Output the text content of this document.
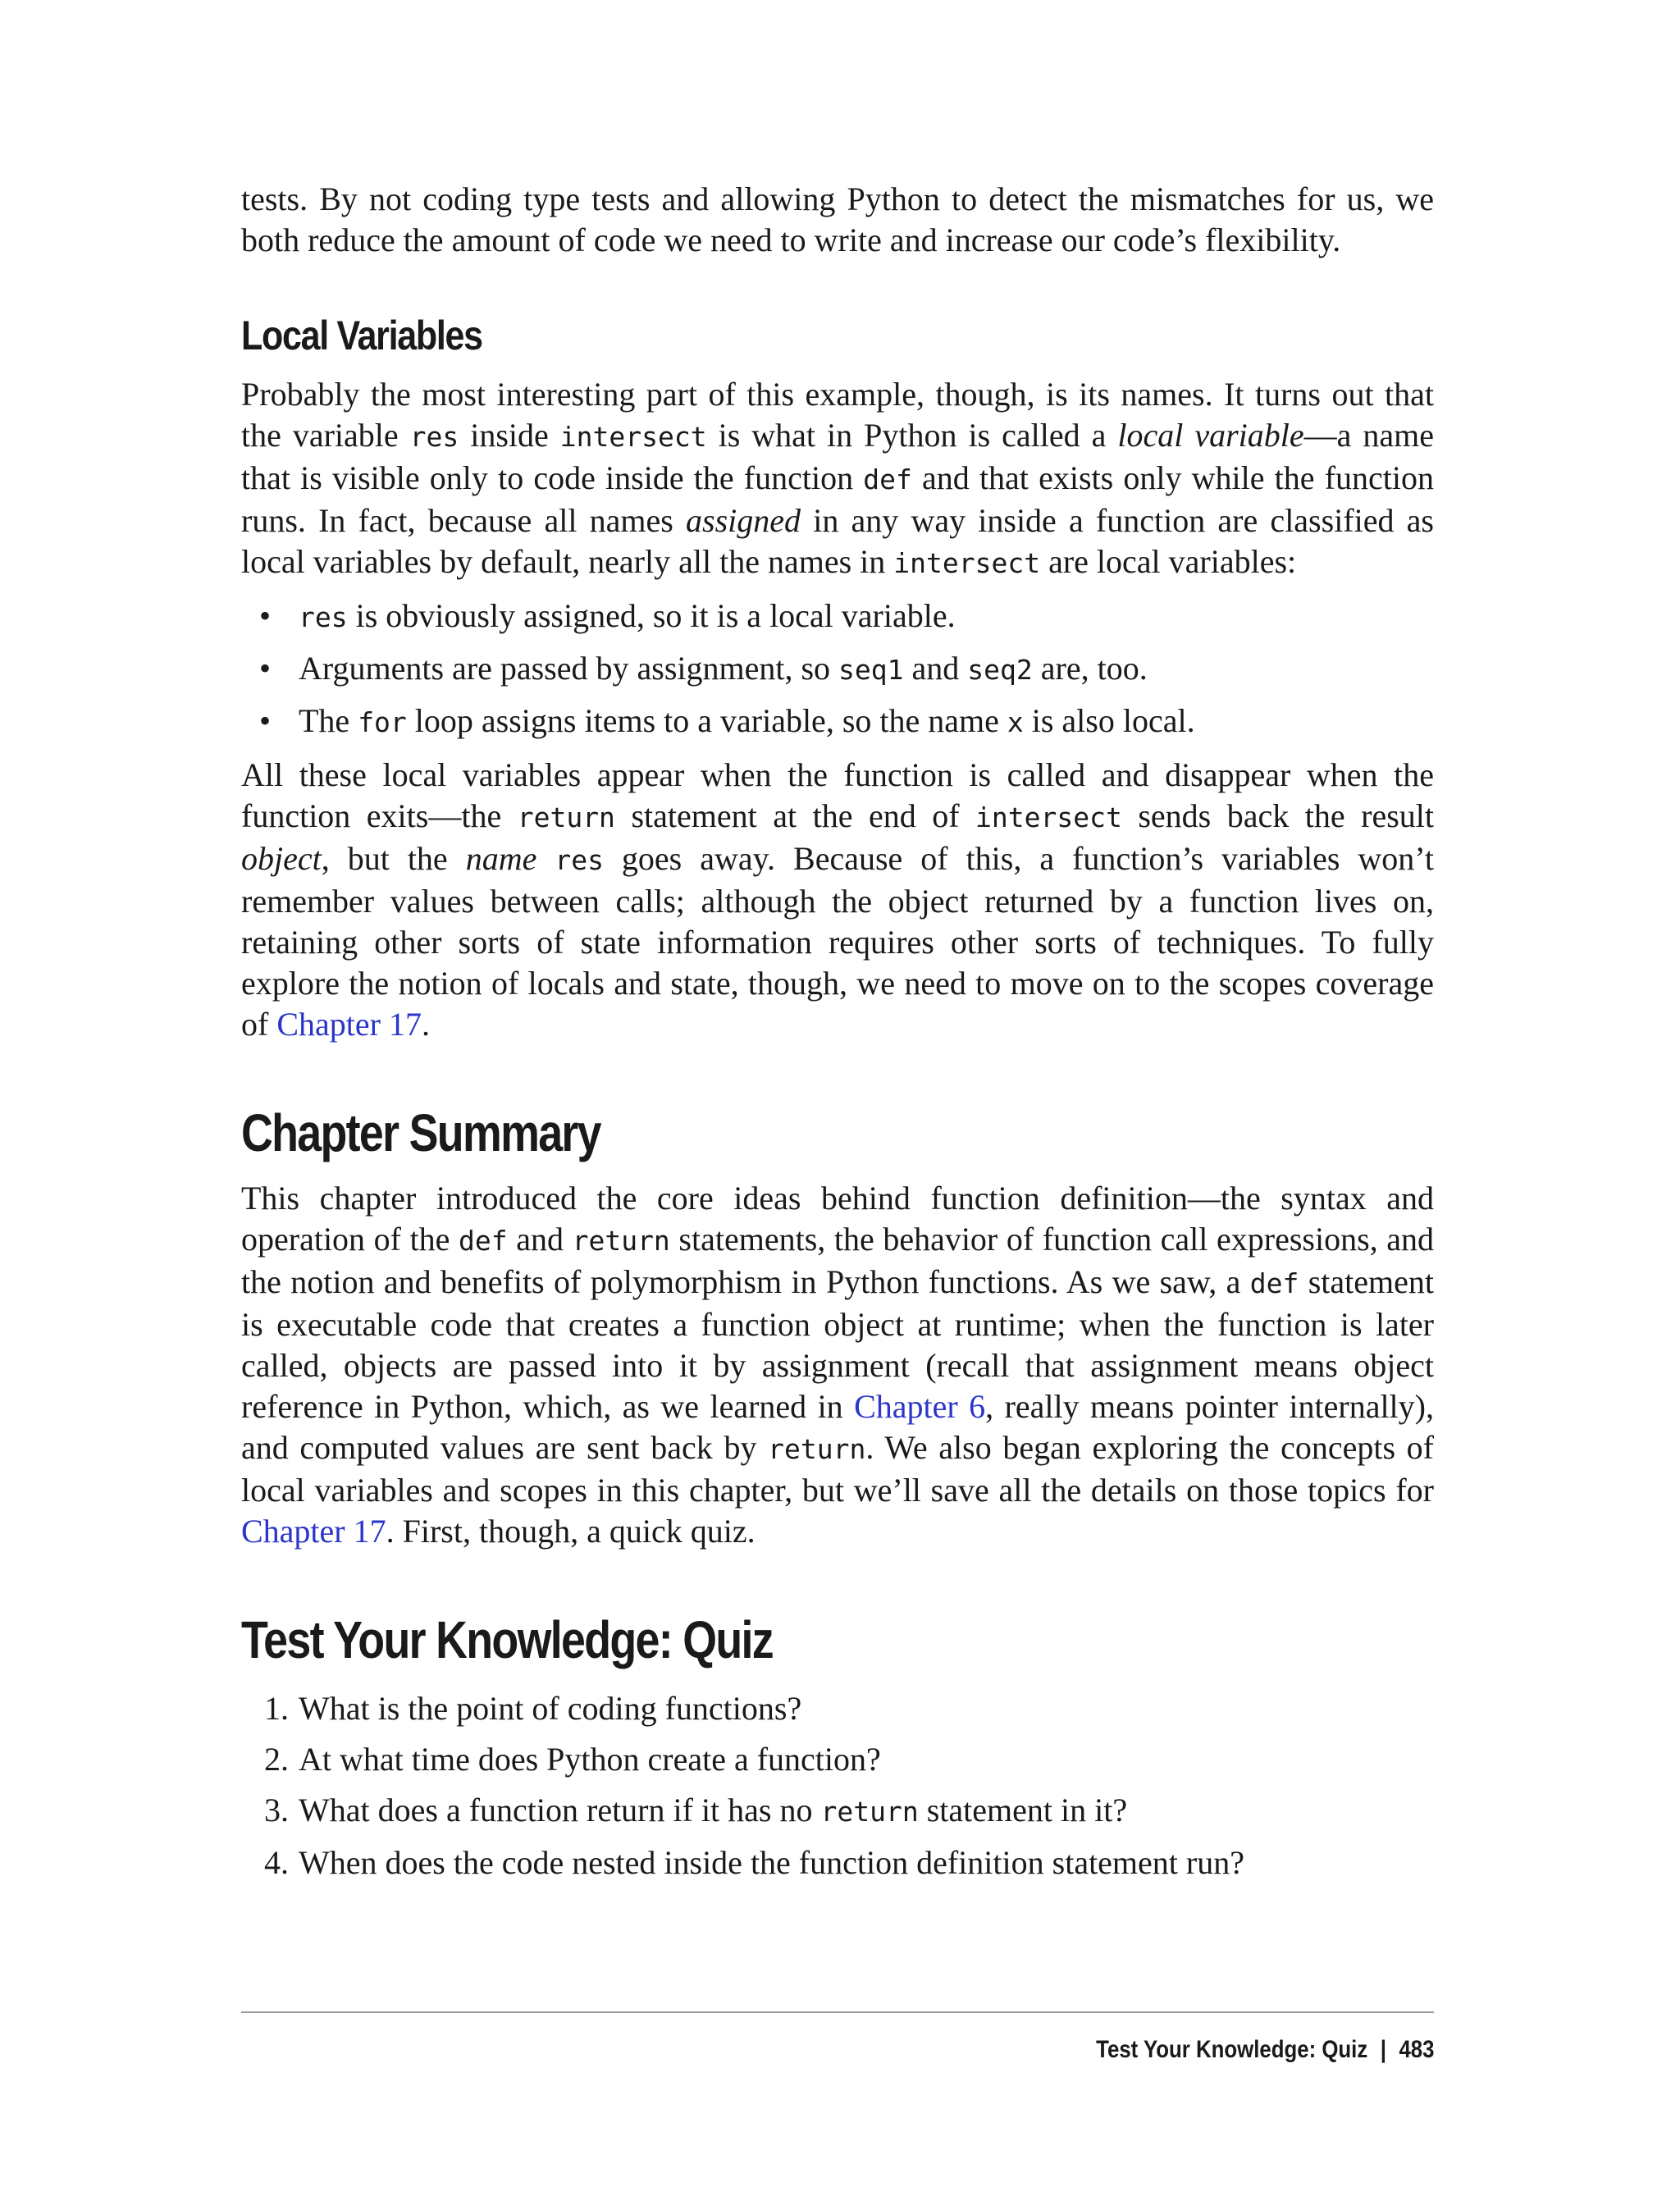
tests. By not coding type tests and allowing Python to detect the mismatches for us, we both reduce the amount of code we need to write and increase our code’s flexibility.

Local Variables

Probably the most interesting part of this example, though, is its names. It turns out that the variable res inside intersect is what in Python is called a local variable—a name that is visible only to code inside the function def and that exists only while the function runs. In fact, because all names assigned in any way inside a function are classified as local variables by default, nearly all the names in intersect are local variables:

• res is obviously assigned, so it is a local variable.
• Arguments are passed by assignment, so seq1 and seq2 are, too.
• The for loop assigns items to a variable, so the name x is also local.

All these local variables appear when the function is called and disappear when the function exits—the return statement at the end of intersect sends back the result object, but the name res goes away. Because of this, a function’s variables won’t remember values between calls; although the object returned by a function lives on, retaining other sorts of state information requires other sorts of techniques. To fully explore the notion of locals and state, though, we need to move on to the scopes coverage of Chapter 17.

Chapter Summary

This chapter introduced the core ideas behind function definition—the syntax and operation of the def and return statements, the behavior of function call expressions, and the notion and benefits of polymorphism in Python functions. As we saw, a def statement is executable code that creates a function object at runtime; when the function is later called, objects are passed into it by assignment (recall that assignment means object reference in Python, which, as we learned in Chapter 6, really means pointer internally), and computed values are sent back by return. We also began exploring the concepts of local variables and scopes in this chapter, but we’ll save all the details on those topics for Chapter 17. First, though, a quick quiz.

Test Your Knowledge: Quiz
1. What is the point of coding functions?
2. At what time does Python create a function?
3. What does a function return if it has no return statement in it?
4. When does the code nested inside the function definition statement run?
Test Your Knowledge: Quiz | 483
